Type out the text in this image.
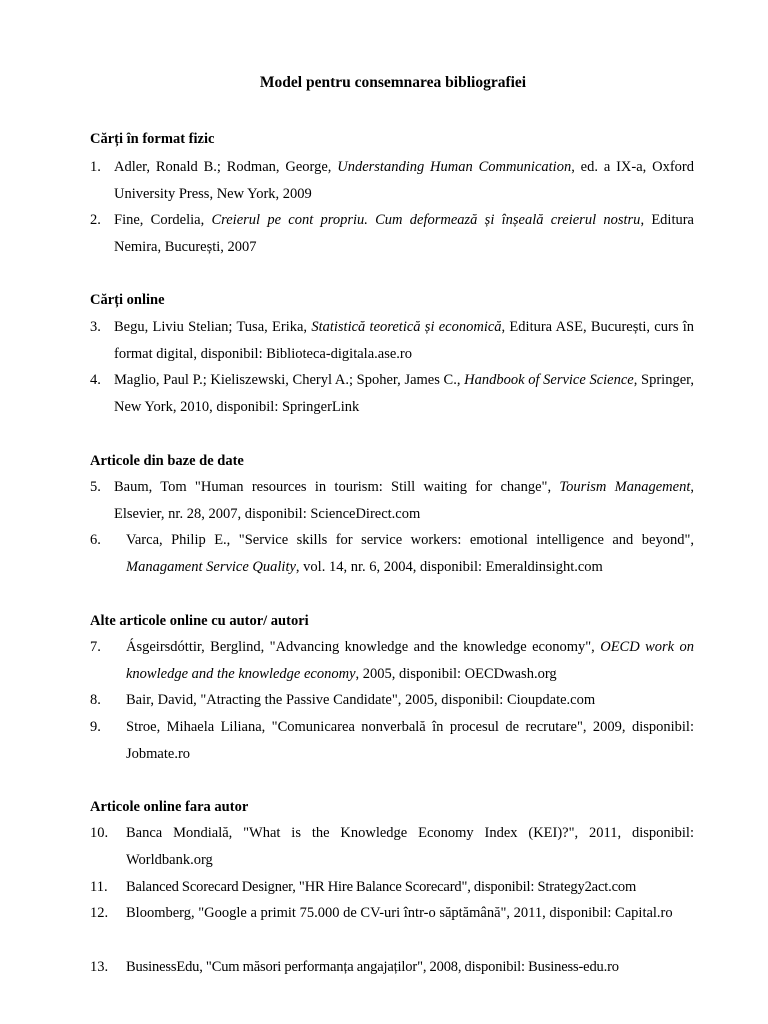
Model pentru consemnarea bibliografiei
Cărți în format fizic
1. Adler, Ronald B.; Rodman, George, Understanding Human Communication, ed. a IX-a, Oxford University Press, New York, 2009
2. Fine, Cordelia, Creierul pe cont propriu. Cum deformează și înșeală creierul nostru, Editura Nemira, București, 2007
Cărți online
3. Begu, Liviu Stelian; Tusa, Erika, Statistică teoretică și economică, Editura ASE, București, curs în format digital, disponibil: Biblioteca-digitala.ase.ro
4. Maglio, Paul P.; Kieliszewski, Cheryl A.; Spoher, James C., Handbook of Service Science, Springer, New York, 2010, disponibil: SpringerLink
Articole din baze de date
5. Baum, Tom "Human resources in tourism: Still waiting for change", Tourism Management, Elsevier, nr. 28, 2007, disponibil: ScienceDirect.com
6.	Varca, Philip E., "Service skills for service workers: emotional intelligence and beyond", Managament Service Quality, vol. 14, nr. 6, 2004, disponibil: Emeraldinsight.com
Alte articole online cu autor/ autori
7.	Ásgeirsdóttir, Berglind, "Advancing knowledge and the knowledge economy", OECD work on knowledge and the knowledge economy, 2005, disponibil: OECDwash.org
8.	Bair, David, "Atracting the Passive Candidate", 2005, disponibil: Cioupdate.com
9.	Stroe, Mihaela Liliana, "Comunicarea nonverbală în procesul de recrutare", 2009, disponibil: Jobmate.ro
Articole online fara autor
10.	Banca Mondială, "What is the Knowledge Economy Index (KEI)?", 2011, disponibil: Worldbank.org
11.	Balanced Scorecard Designer, "HR Hire Balance Scorecard", disponibil: Strategy2act.com
12.	Bloomberg, "Google a primit 75.000 de CV-uri într-o săptămână", 2011, disponibil: Capital.ro
13.	BusinessEdu, "Cum măsori performanța angajaților", 2008, disponibil: Business-edu.ro
